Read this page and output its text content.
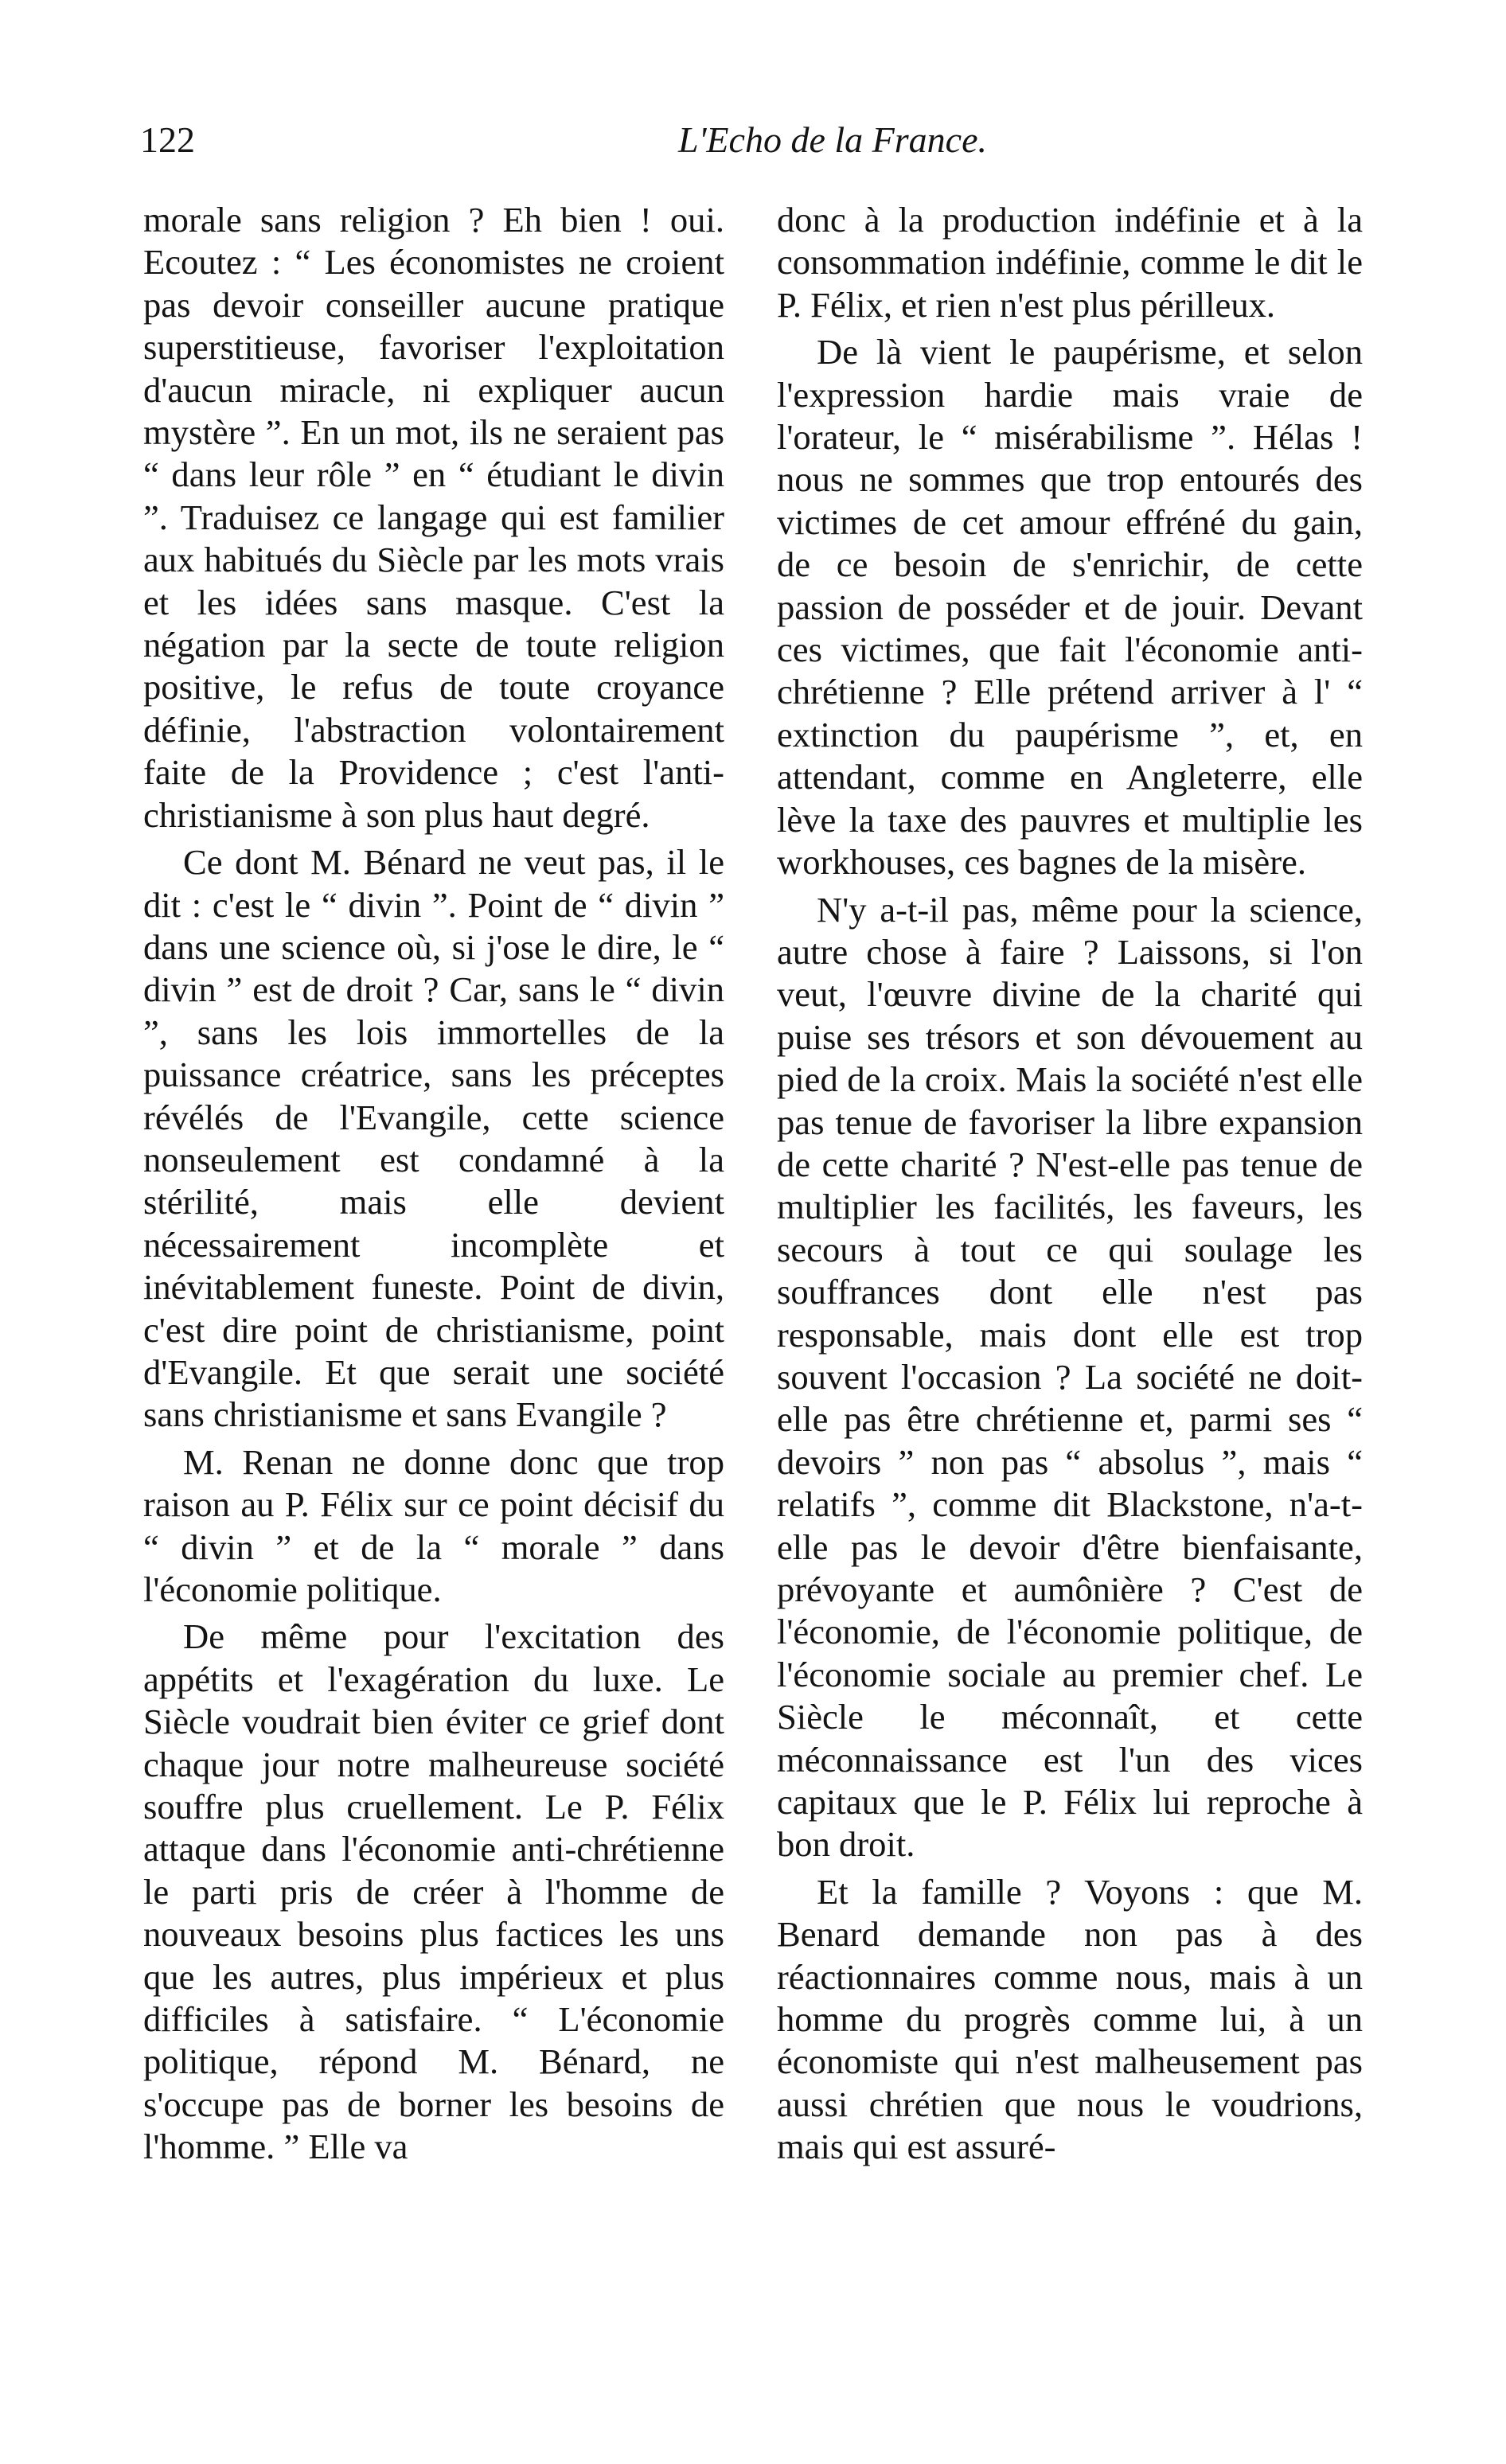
122	L'Echo de la France.

morale sans religion ? Eh bien ! oui. Ecoutez : “ Les économistes ne croient pas devoir conseiller aucune pratique superstitieuse, favoriser l'exploitation d'aucun miracle, ni expliquer aucun mystère ”. En un mot, ils ne seraient pas “ dans leur rôle ” en “ étudiant le divin ”. Traduisez ce langage qui est familier aux habitués du Siècle par les mots vrais et les idées sans masque. C'est la négation par la secte de toute religion positive, le refus de toute croyance définie, l'abstraction volontairement faite de la Providence ; c'est l'anti-christianisme à son plus haut degré.

Ce dont M. Bénard ne veut pas, il le dit : c'est le “ divin ”. Point de “ divin ” dans une science où, si j'ose le dire, le “ divin ” est de droit ? Car, sans le “ divin ”, sans les lois immortelles de la puissance créatrice, sans les préceptes révélés de l'Evangile, cette science nonseulement est condamné à la stérilité, mais elle devient nécessairement incomplète et inévitablement funeste. Point de divin, c'est dire point de christianisme, point d'Evangile. Et que serait une société sans christianisme et sans Evangile ?

M. Renan ne donne donc que trop raison au P. Félix sur ce point décisif du “ divin ” et de la “ morale ” dans l'économie politique.

De même pour l'excitation des appétits et l'exagération du luxe. Le Siècle voudrait bien éviter ce grief dont chaque jour notre malheureuse société souffre plus cruellement. Le P. Félix attaque dans l'économie anti-chrétienne le parti pris de créer à l'homme de nouveaux besoins plus factices les uns que les autres, plus impérieux et plus difficiles à satisfaire. “ L'économie politique, répond M. Bénard, ne s'occupe pas de borner les besoins de l'homme. ” Elle va

donc à la production indéfinie et à la consommation indéfinie, comme le dit le P. Félix, et rien n'est plus périlleux.

De là vient le paupérisme, et selon l'expression hardie mais vraie de l'orateur, le “ misérabilisme ”. Hélas ! nous ne sommes que trop entourés des victimes de cet amour effréné du gain, de ce besoin de s'enrichir, de cette passion de posséder et de jouir. Devant ces victimes, que fait l'économie anti-chrétienne ? Elle prétend arriver à l' “ extinction du paupérisme ”, et, en attendant, comme en Angleterre, elle lève la taxe des pauvres et multiplie les workhouses, ces bagnes de la misère.

N'y a-t-il pas, même pour la science, autre chose à faire ? Laissons, si l'on veut, l'œuvre divine de la charité qui puise ses trésors et son dévouement au pied de la croix. Mais la société n'est elle pas tenue de favoriser la libre expansion de cette charité ? N'est-elle pas tenue de multiplier les facilités, les faveurs, les secours à tout ce qui soulage les souffrances dont elle n'est pas responsable, mais dont elle est trop souvent l'occasion ? La société ne doit-elle pas être chrétienne et, parmi ses “ devoirs ” non pas “ absolus ”, mais “ relatifs ”, comme dit Blackstone, n'a-t-elle pas le devoir d'être bienfaisante, prévoyante et aumônière ? C'est de l'économie, de l'économie politique, de l'économie sociale au premier chef. Le Siècle le méconnaît, et cette méconnaissance est l'un des vices capitaux que le P. Félix lui reproche à bon droit.

Et la famille ? Voyons : que M. Benard demande non pas à des réactionnaires comme nous, mais à un homme du progrès comme lui, à un économiste qui n'est malheusement pas aussi chrétien que nous le voudrions, mais qui est assuré-
